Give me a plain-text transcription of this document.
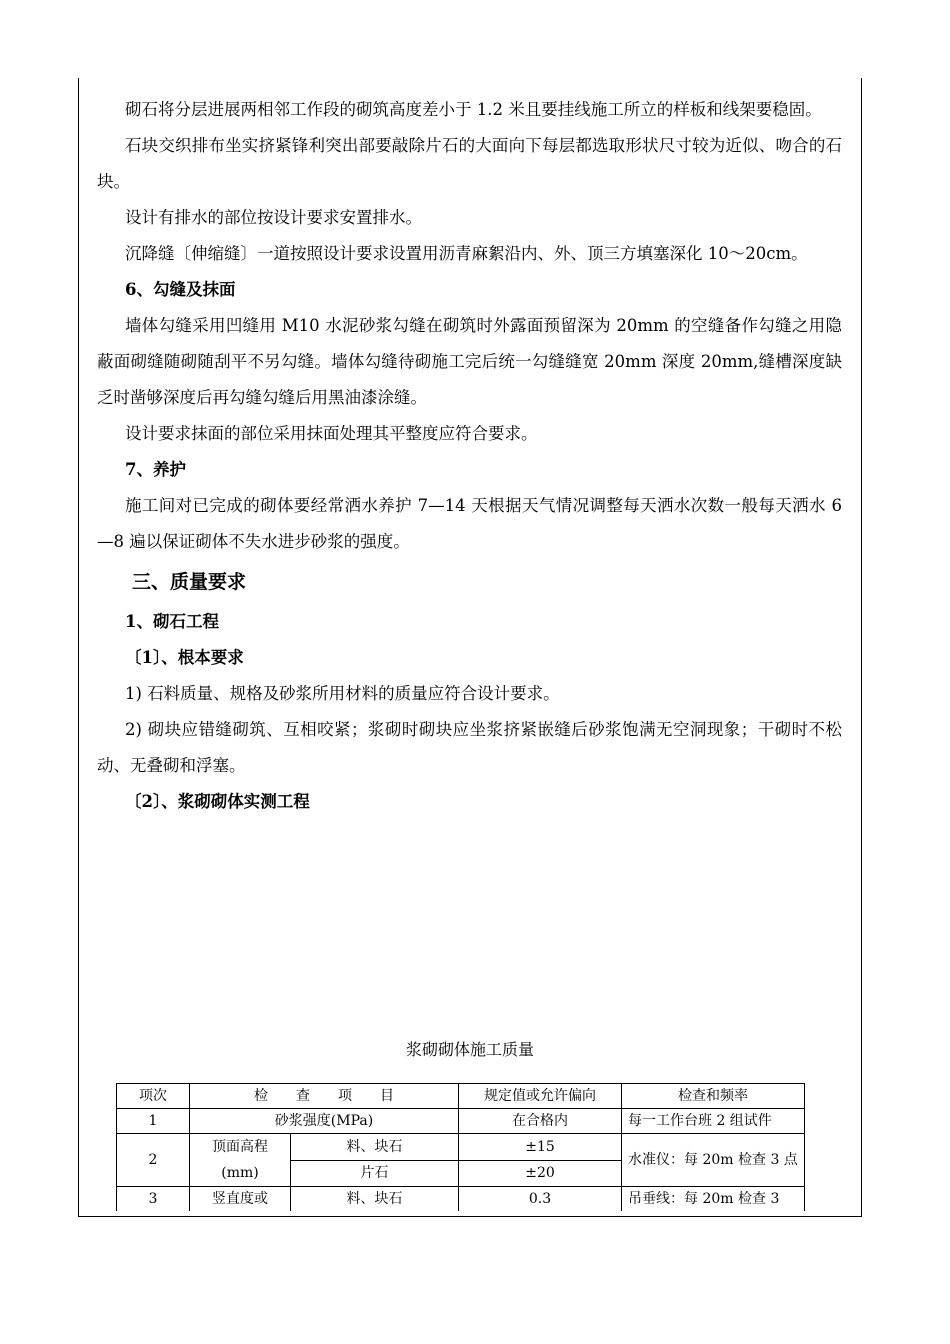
砌石将分层进展两相邻工作段的砌筑高度差小于 1.2 米且要挂线施工所立的样板和线架要稳固。

石块交织排布坐实挤紧锋利突出部要敲除片石的大面向下每层都选取形状尺寸较为近似、吻合的石块。

设计有排水的部位按设计要求安置排水。

沉降缝〔伸缩缝〕一道按照设计要求设置用沥青麻絮沿内、外、顶三方填塞深化 10～20cm。

6、勾缝及抹面

墙体勾缝采用凹缝用 M10 水泥砂浆勾缝在砌筑时外露面预留深为 20mm 的空缝备作勾缝之用隐蔽面砌缝随砌随刮平不另勾缝。墙体勾缝待砌施工完后统一勾缝缝宽 20mm 深度 20mm,缝槽深度缺乏时凿够深度后再勾缝勾缝后用黑油漆涂缝。

设计要求抹面的部位采用抹面处理其平整度应符合要求。

7、养护

施工间对已完成的砌体要经常洒水养护 7—14 天根据天气情况调整每天洒水次数一般每天洒水 6—8 遍以保证砌体不失水进步砂浆的强度。

三、质量要求

1、砌石工程

〔1〕、根本要求

1) 石料质量、规格及砂浆所用材料的质量应符合设计要求。

2) 砌块应错缝砌筑、互相咬紧；浆砌时砌块应坐浆挤紧嵌缝后砂浆饱满无空洞现象；干砌时不松动、无叠砌和浮塞。

〔2〕、浆砌砌体实测工程

浆砌砌体施工质量
项次	检　　查　　项　　目		规定值或允许偏向	检查和频率
1	砂浆强度(MPa)		在合格内	每一工作台班 2 组试件
2	顶面高程(mm)	料、块石	±15	水准仪：每 20m 检查 3 点
		片石	±20	
3	竖直度或	料、块石	0.3	吊垂线：每 20m 检查 3
